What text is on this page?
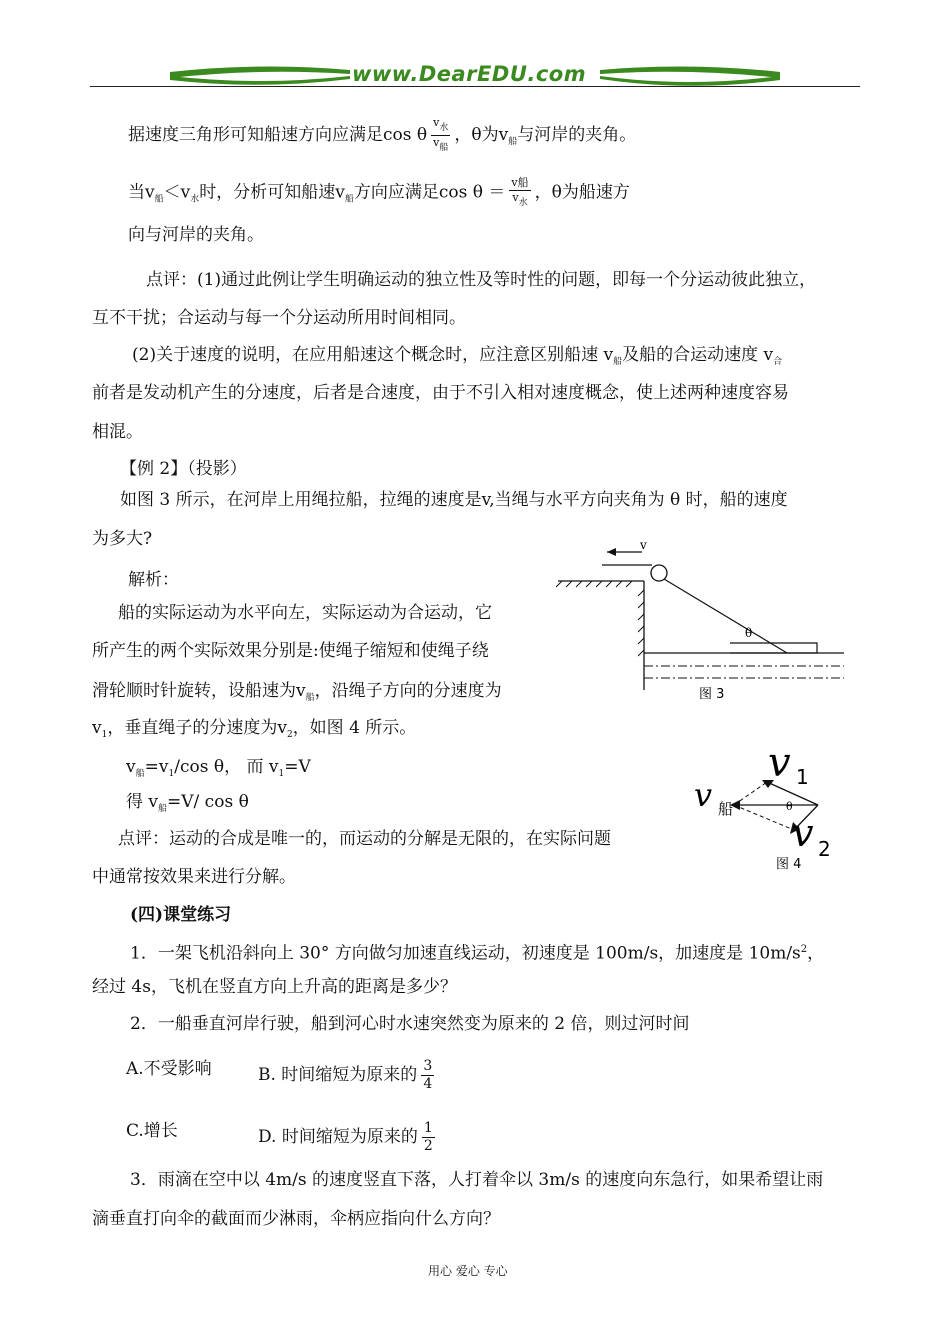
www.DearEDU.com
据速度三角形可知船速方向应满足cos θ $\frac{v_水}{v_船}$ ，θ为$v_船$与河岸的夹角。
当$v_船<v_水$时，分析可知船速$v_船$方向应满足$\cos \theta = \frac{\text{v船}}{v_水}$ ，θ为船速方
向与河岸的夹角。
点评：(1)通过此例让学生明确运动的独立性及等时性的问题，即每一个分运动彼此独立，
互不干扰；合运动与每一个分运动所用时间相同。
(2)关于速度的说明，在应用船速这个概念时，应注意区别船速 $v_船$及船的合运动速度 $v_合$
前者是发动机产生的分速度，后者是合速度，由于不引入相对速度概念，使上述两种速度容易
相混。
【例 2】（投影）
如图 3 所示，在河岸上用绳拉船，拉绳的速度是v,当绳与水平方向夹角为 θ 时，船的速度
为多大?
解析：
船的实际运动为水平向左，实际运动为合运动，它
所产生的两个实际效果分别是:使绳子缩短和使绳子绕
滑轮顺时针旋转，设船速为$v_船$，沿绳子方向的分速度为
$v_1$，垂直绳子的分速度为$v_2$，如图 4 所示。
$v_船=v_1/\cos$ θ， 而 $v_1=V$
得 $v_船=V/$ cos θ
点评：运动的合成是唯一的，而运动的分解是无限的，在实际问题
中通常按效果来进行分解。
v
θ
图 3
θ
v 1
v 船
v 2
图 4
(四)课堂练习
1．一架飞机沿斜向上 30° 方向做匀加速直线运动，初速度是 100m/s，加速度是 $10m/s^2$，
经过 4s，飞机在竖直方向上升高的距离是多少？
2．一船垂直河岸行驶，船到河心时水速突然变为原来的 2 倍，则过河时间
A.不受影响	B. 时间缩短为原来的 $\frac{3}{4}$
C.增长	D. 时间缩短为原来的 $\frac{1}{2}$
3．雨滴在空中以 4m/s 的速度竖直下落，人打着伞以 3m/s 的速度向东急行，如果希望让雨
滴垂直打向伞的截面而少淋雨，伞柄应指向什么方向？
用心 爱心 专心
